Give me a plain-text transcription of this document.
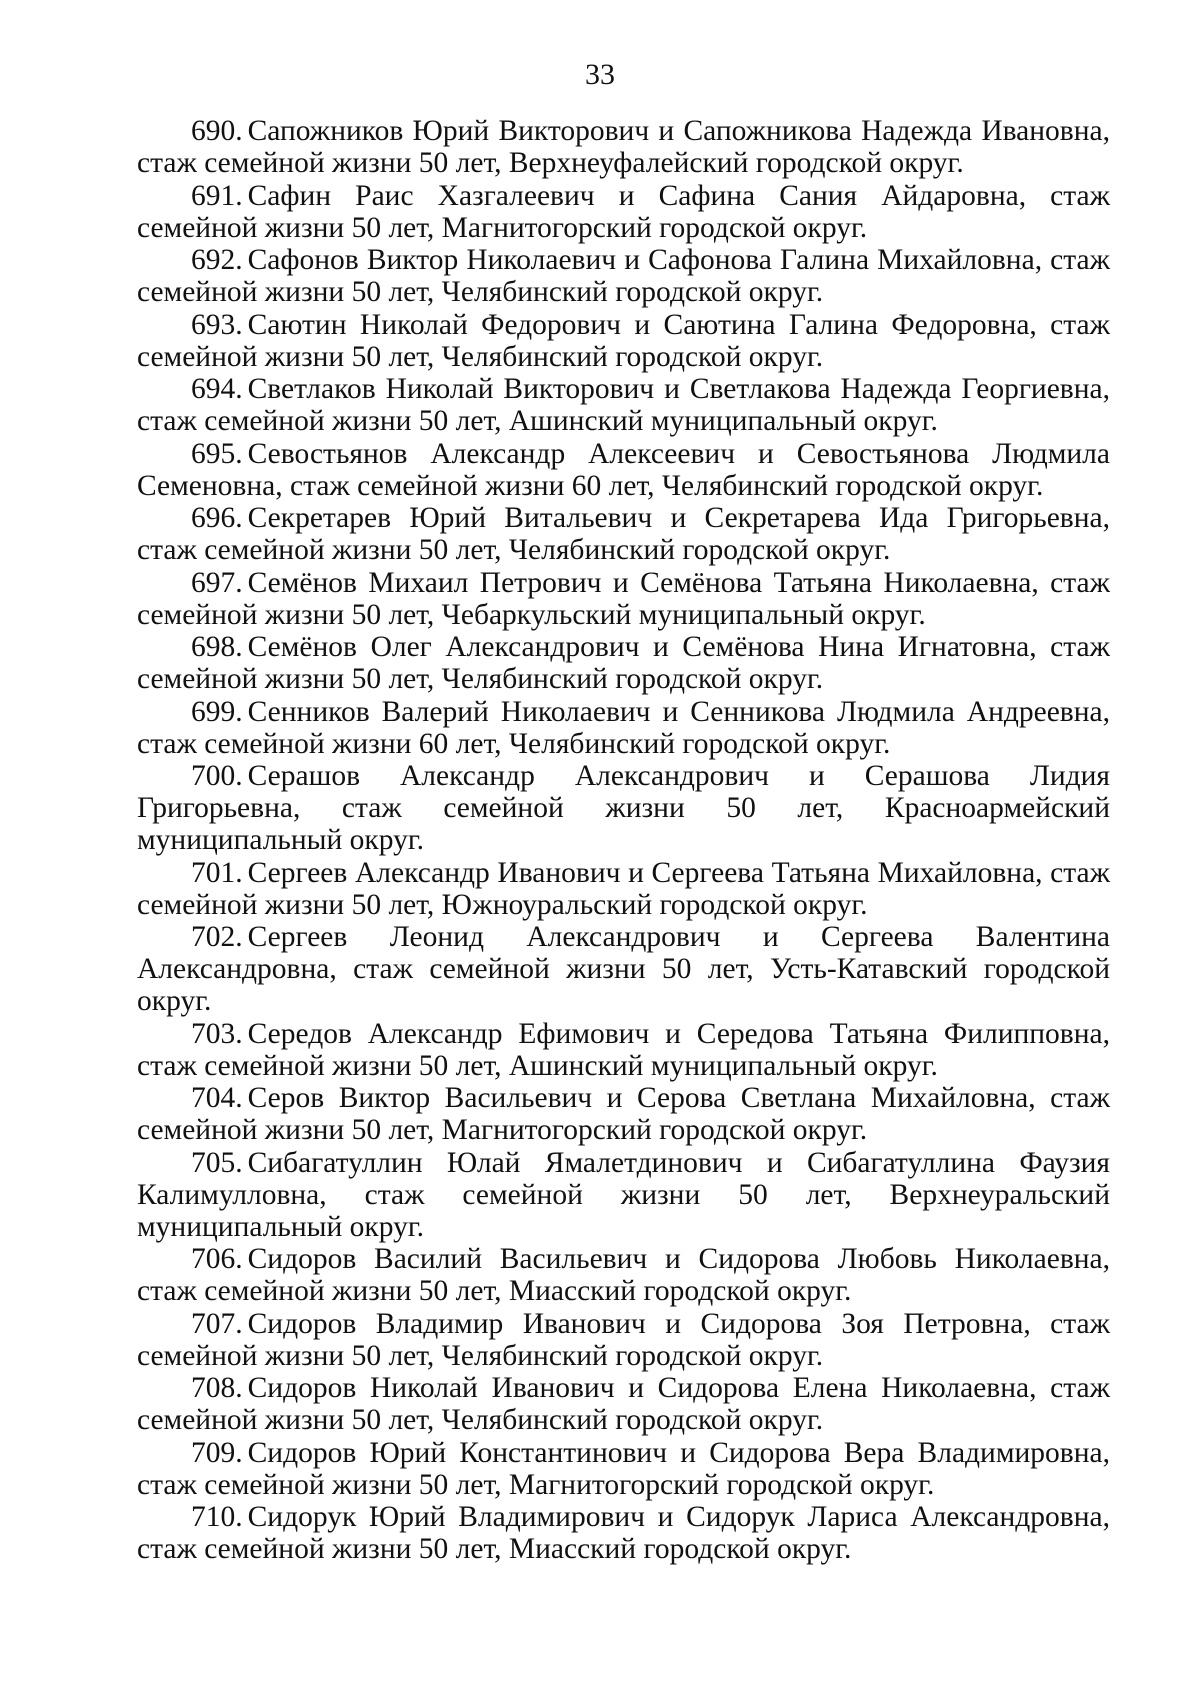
33

690. Сапожников Юрий Викторович и Сапожникова Надежда Ивановна, стаж семейной жизни 50 лет, Верхнеуфалейский городской округ.

691. Сафин Раис Хазгалеевич и Сафина Сания Айдаровна, стаж семейной жизни 50 лет, Магнитогорский городской округ.

692. Сафонов Виктор Николаевич и Сафонова Галина Михайловна, стаж семейной жизни 50 лет, Челябинский городской округ.

693. Саютин Николай Федорович и Саютина Галина Федоровна, стаж семейной жизни 50 лет, Челябинский городской округ.

694. Светлаков Николай Викторович и Светлакова Надежда Георгиевна, стаж семейной жизни 50 лет, Ашинский муниципальный округ.

695. Севостьянов Александр Алексеевич и Севостьянова Людмила Семеновна, стаж семейной жизни 60 лет, Челябинский городской округ.

696. Секретарев Юрий Витальевич и Секретарева Ида Григорьевна, стаж семейной жизни 50 лет, Челябинский городской округ.

697. Семёнов Михаил Петрович и Семёнова Татьяна Николаевна, стаж семейной жизни 50 лет, Чебаркульский муниципальный округ.

698. Семёнов Олег Александрович и Семёнова Нина Игнатовна, стаж семейной жизни 50 лет, Челябинский городской округ.

699. Сенников Валерий Николаевич и Сенникова Людмила Андреевна, стаж семейной жизни 60 лет, Челябинский городской округ.

700. Серашов Александр Александрович и Серашова Лидия Григорьевна, стаж семейной жизни 50 лет, Красноармейский муниципальный округ.

701. Сергеев Александр Иванович и Сергеева Татьяна Михайловна, стаж семейной жизни 50 лет, Южноуральский городской округ.

702. Сергеев Леонид Александрович и Сергеева Валентина Александровна, стаж семейной жизни 50 лет, Усть-Катавский городской округ.

703. Середов Александр Ефимович и Середова Татьяна Филипповна, стаж семейной жизни 50 лет, Ашинский муниципальный округ.

704. Серов Виктор Васильевич и Серова Светлана Михайловна, стаж семейной жизни 50 лет, Магнитогорский городской округ.

705. Сибагатуллин Юлай Ямалетдинович и Сибагатуллина Фаузия Калимулловна, стаж семейной жизни 50 лет, Верхнеуральский муниципальный округ.

706. Сидоров Василий Васильевич и Сидорова Любовь Николаевна, стаж семейной жизни 50 лет, Миасский городской округ.

707. Сидоров Владимир Иванович и Сидорова Зоя Петровна, стаж семейной жизни 50 лет, Челябинский городской округ.

708. Сидоров Николай Иванович и Сидорова Елена Николаевна, стаж семейной жизни 50 лет, Челябинский городской округ.

709. Сидоров Юрий Константинович и Сидорова Вера Владимировна, стаж семейной жизни 50 лет, Магнитогорский городской округ.

710. Сидорук Юрий Владимирович и Сидорук Лариса Александровна, стаж семейной жизни 50 лет, Миасский городской округ.
